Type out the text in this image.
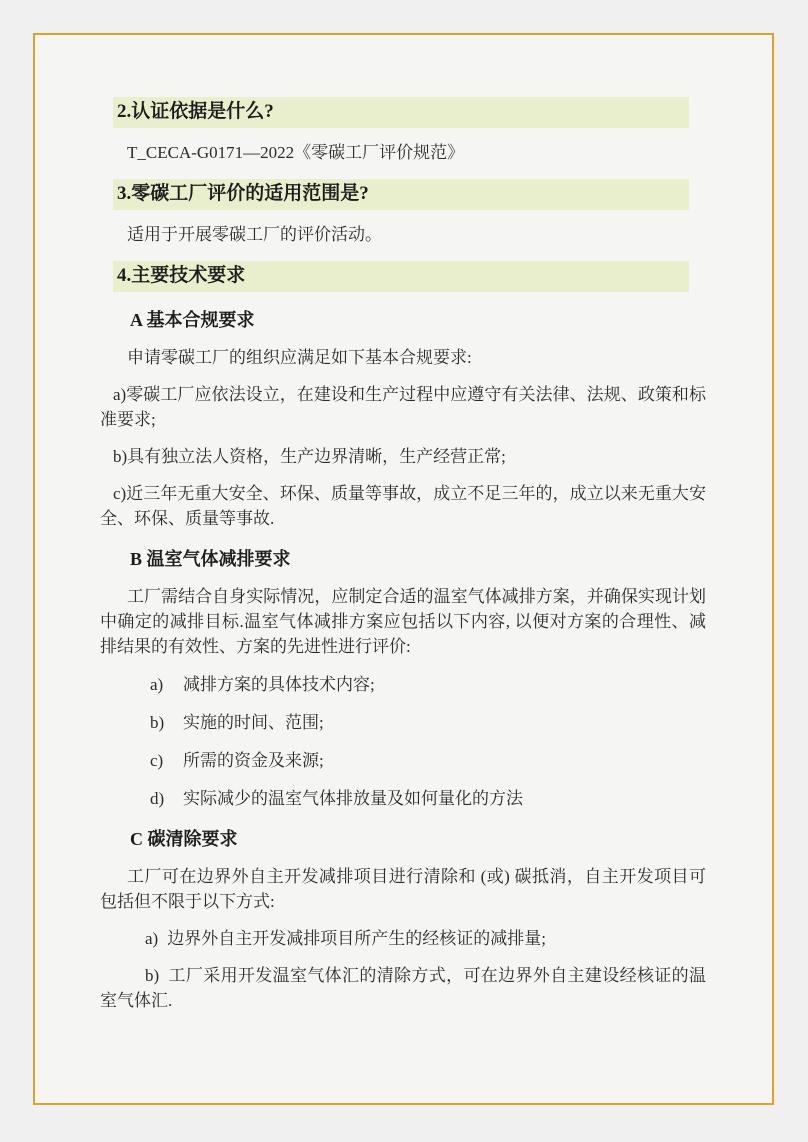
2.认证依据是什么?

T_CECA-G0171—2022《零碳工厂评价规范》

3.零碳工厂评价的适用范围是?

适用于开展零碳工厂的评价活动。

4.主要技术要求
A 基本合规要求

申请零碳工厂的组织应满足如下基本合规要求:

a)零碳工厂应依法设立，在建设和生产过程中应遵守有关法律、法规、政策和标准要求;

b)具有独立法人资格，生产边界清晰，生产经营正常;

c)近三年无重大安全、环保、质量等事故，成立不足三年的，成立以来无重大安全、环保、质量等事故.

B 温室气体减排要求

工厂需结合自身实际情况，应制定合适的温室气体减排方案，并确保实现计划中确定的减排目标.温室气体减排方案应包括以下内容, 以便对方案的合理性、减排结果的有效性、方案的先进性进行评价:

a)	减排方案的具体技术内容;
b)	实施的时间、范围;
c)	所需的资金及来源;
d)	实际减少的温室气体排放量及如何量化的方法
C 碳清除要求

工厂可在边界外自主开发减排项目进行清除和 (或) 碳抵消，自主开发项目可包括但不限于以下方式:

a) 边界外自主开发减排项目所产生的经核证的减排量;

b) 工厂采用开发温室气体汇的清除方式，可在边界外自主建设经核证的温室气体汇.
